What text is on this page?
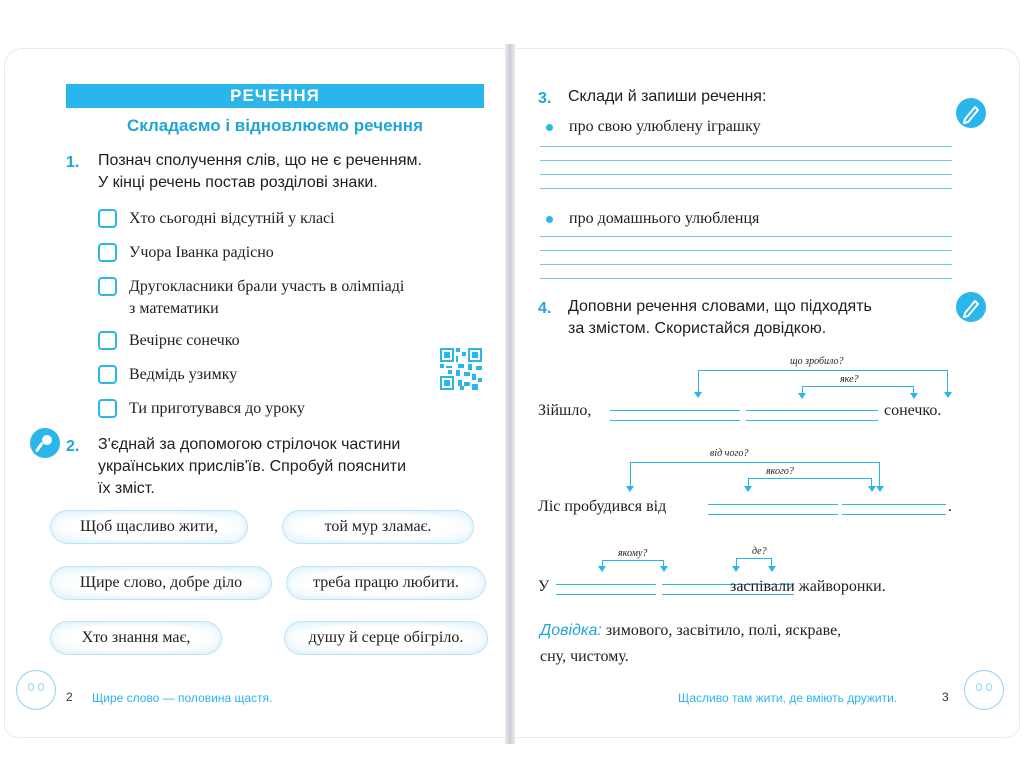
РЕЧЕННЯ
Складаємо і відновлюємо речення
1. Познач сполучення слів, що не є реченням.
У кінці речень постав розділові знаки.
Хто сьогодні відсутній у класі
Учора Іванка радісно
Другокласники брали участь в олімпіаді
з математики
Вечірнє сонечко
Ведмідь узимку
Ти приготувався до уроку
2. З'єднай за допомогою стрілочок частини
українських прислів'їв. Спробуй пояснити
їх зміст.
Щоб щасливо жити,	той мур зламає.
Щире слово, добре діло	треба працю любити.
Хто знання має,	душу й серце обігріло.
2 Щире слово — половина щастя.
3. Склади й запиши речення:
про свою улюблену іграшку
про домашнього улюбленця
4. Доповни речення словами, що підходять
за змістом. Скористайся довідкою.
що зробило?
яке?
Зійшло,	сонечко.
від чого?
якого?
Ліс пробудився від	.
якому?	де?
У	заспівали жайворонки.
Довідка: зимового, засвітило, полі, яскраве,
сну, чистому.
Щасливо там жити, де вміють дружити.	3
